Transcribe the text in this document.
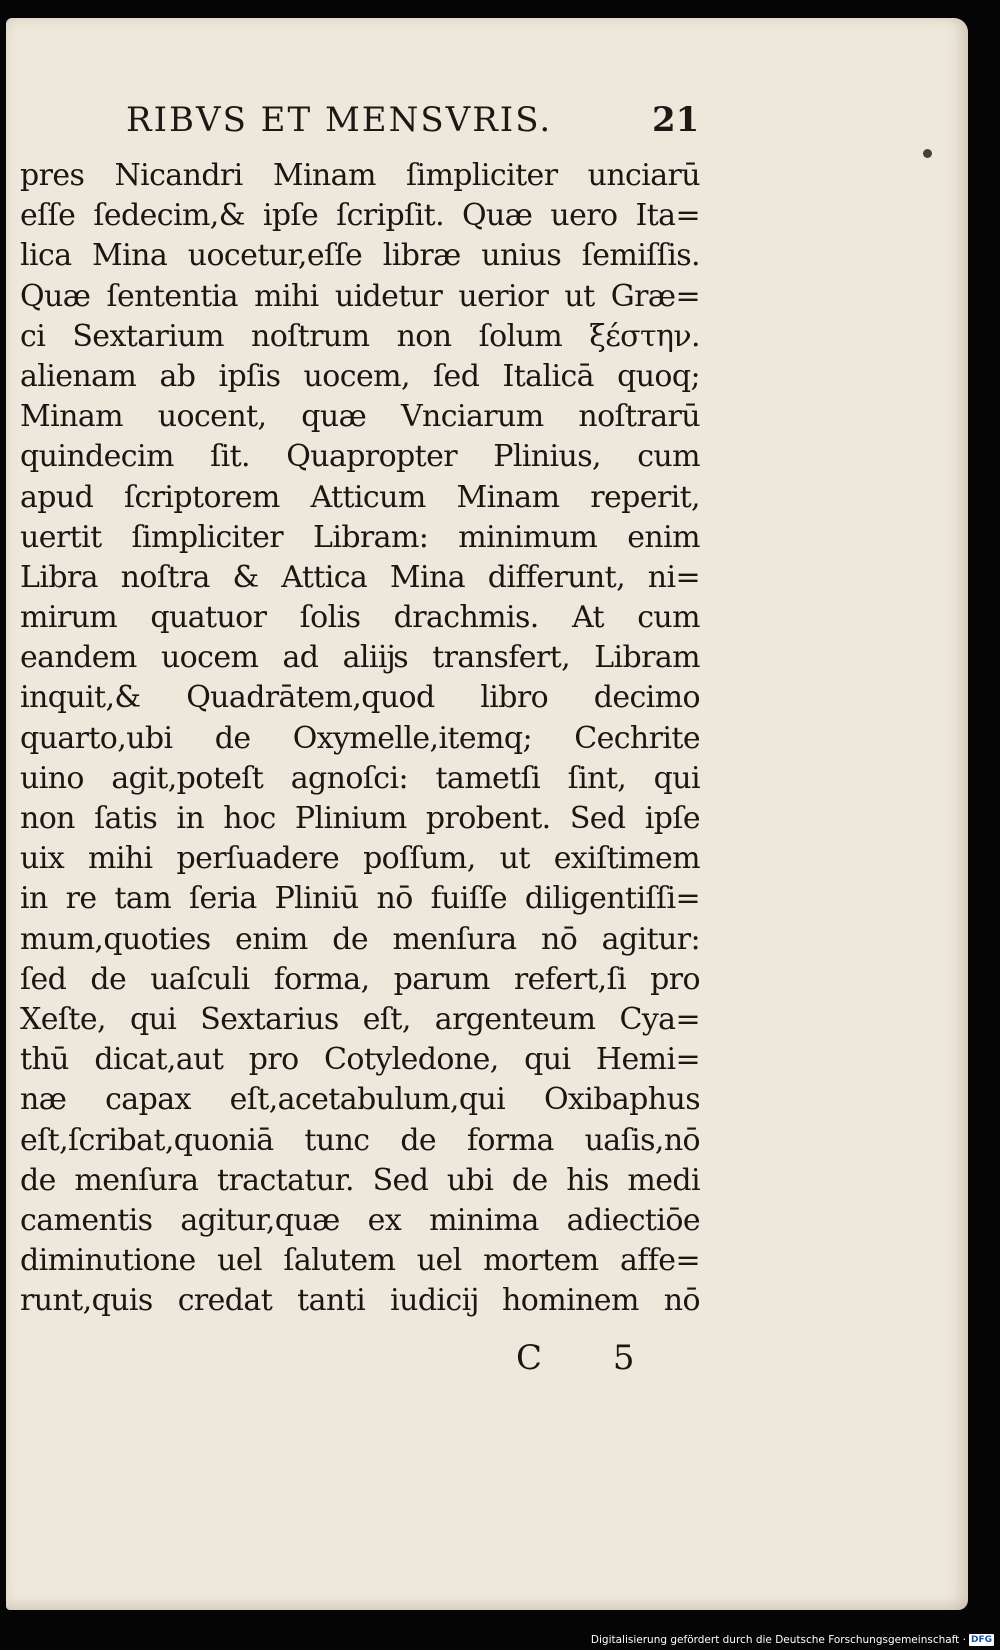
RIBVS ET MENSVRIS.	21
pres Nicandri Minam ſimpliciter unciarū
eſſe ſedecim,& ipſe ſcripſit. Quæ uero Ita=
lica Mina uocetur,eſſe libræ unius ſemiſſis.
Quæ ſententia mihi uidetur uerior ut Græ=
ci Sextarium noſtrum non ſolum ξέστην.
alienam ab ipſis uocem, ſed Italicā quoq;
Minam uocent, quæ Vnciarum noſtrarū
quindecim ſit. Quapropter Plinius, cum
apud ſcriptorem Atticum Minam reperit,
uertit ſimpliciter Libram: minimum enim
Libra noſtra & Attica Mina differunt, ni=
mirum quatuor ſolis drachmis. At cum
eandem uocem ad aliĳs transfert, Libram
inquit,& Quadrātem,quod libro decimo
quarto,ubi de Oxymelle,itemq; Cechrite
uino agit,poteſt agnoſci: tametſi ſint, qui
non ſatis in hoc Plinium probent. Sed ipſe
uix mihi perſuadere poſſum, ut exiſtimem
in re tam ſeria Pliniū nō fuiſſe diligentiſſi=
mum,quoties enim de menſura nō agitur:
ſed de uaſculi forma, parum refert,ſi pro
Xeſte, qui Sextarius eſt, argenteum Cya=
thū dicat,aut pro Cotyledone, qui Hemi=
næ capax eſt,acetabulum,qui Oxibaphus
eſt,ſcribat,quoniā tunc de forma uaſis,nō
de menſura tractatur. Sed ubi de his medi
camentis agitur,quæ ex minima adiectiōe
diminutione uel ſalutem uel mortem affe=
runt,quis credat tanti iudicĳ hominem nō
C 5
Digitalisierung gefördert durch die Deutsche Forschungsgemeinschaft · DFG
